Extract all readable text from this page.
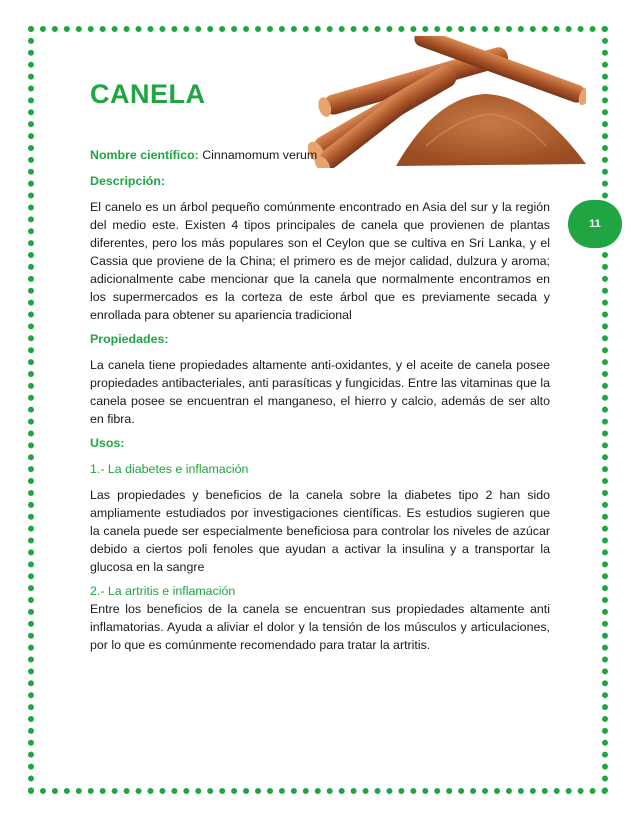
11
CANELA

Nombre científico: Cinnamomum verum

Descripción:

El canelo es un árbol pequeño comúnmente encontrado en Asia del sur y la región del medio este. Existen 4 tipos principales de canela que provienen de plantas diferentes, pero los más populares son el Ceylon que se cultiva en Sri Lanka, y el Cassia que proviene de la China; el primero es de mejor calidad, dulzura y aroma; adicionalmente cabe mencionar que la canela que normalmente encontramos en los supermercados es la corteza de este árbol que es previamente secada y enrollada para obtener su apariencia tradicional

Propiedades:

La canela tiene propiedades altamente anti-oxidantes, y el aceite de canela posee propiedades antibacteriales, anti parasíticas y fungicidas. Entre las vitaminas que la canela posee se encuentran el manganeso, el hierro y calcio, además de ser alto en fibra.

Usos:

1.- La diabetes e inflamación

Las propiedades y beneficios de la canela sobre la diabetes tipo 2 han sido ampliamente estudiados por investigaciones científicas. Es estudios sugieren que la canela puede ser especialmente beneficiosa para controlar los niveles de azúcar debido a ciertos poli fenoles que ayudan a activar la insulina y a transportar la glucosa en la sangre

2.- La artritis e inflamación

Entre los beneficios de la canela se encuentran sus propiedades altamente anti inflamatorias. Ayuda a aliviar el dolor y la tensión de los músculos y articulaciones, por lo que es comúnmente recomendado para tratar la artritis.
